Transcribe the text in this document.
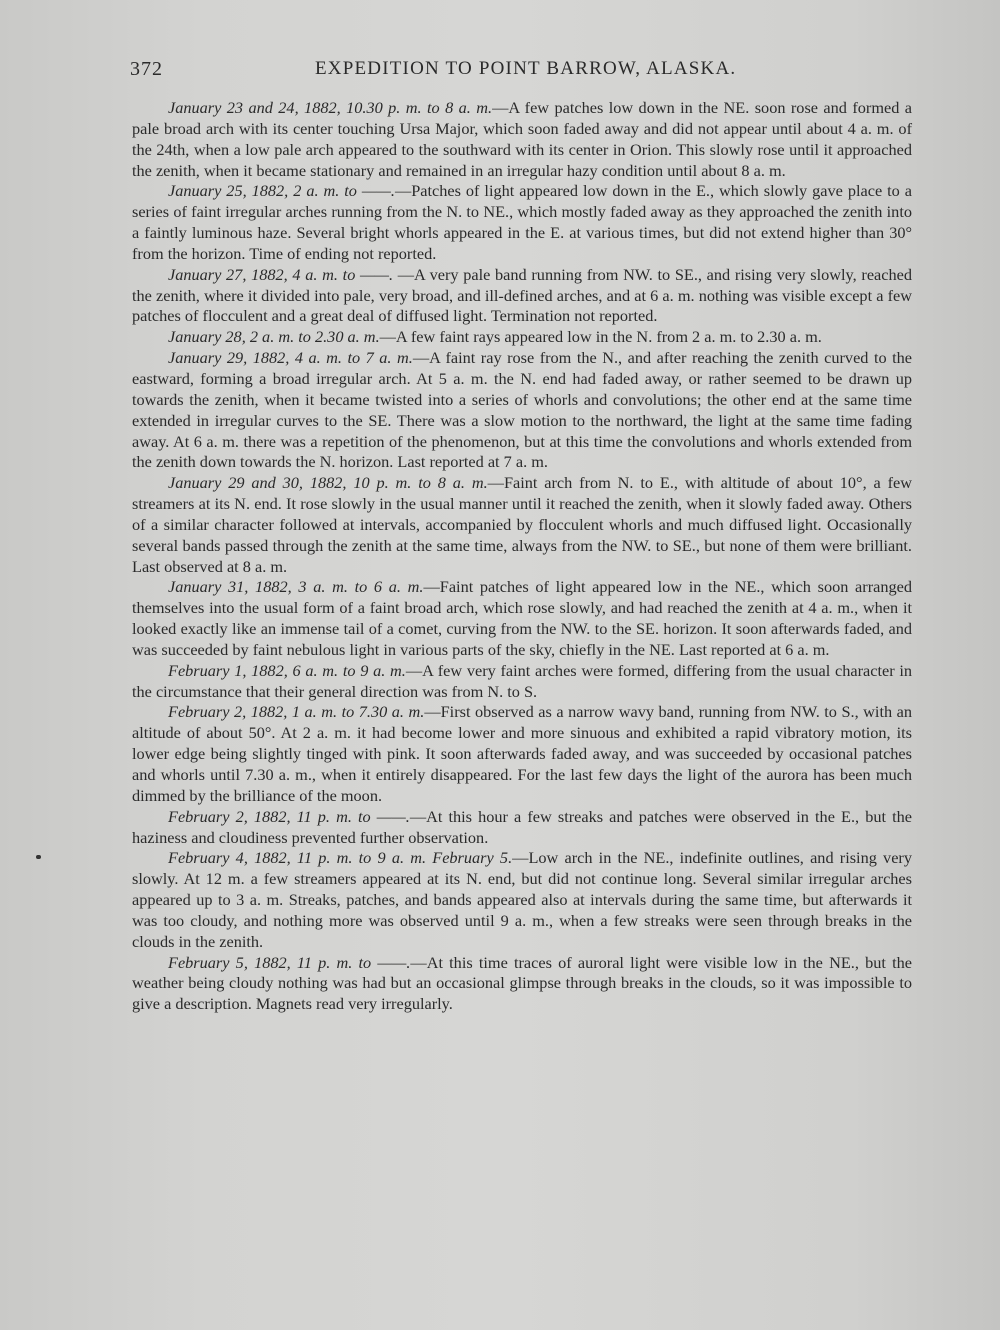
372	EXPEDITION TO POINT BARROW, ALASKA.

January 23 and 24, 1882, 10.30 p. m. to 8 a. m.—A few patches low down in the NE. soon rose and formed a pale broad arch with its center touching Ursa Major, which soon faded away and did not appear until about 4 a. m. of the 24th, when a low pale arch appeared to the southward with its center in Orion. This slowly rose until it approached the zenith, when it became stationary and remained in an irregular hazy condition until about 8 a. m.

January 25, 1882, 2 a. m. to ——.—Patches of light appeared low down in the E., which slowly gave place to a series of faint irregular arches running from the N. to NE., which mostly faded away as they approached the zenith into a faintly luminous haze. Several bright whorls appeared in the E. at various times, but did not extend higher than 30° from the horizon. Time of ending not reported.

January 27, 1882, 4 a. m. to ——. —A very pale band running from NW. to SE., and rising very slowly, reached the zenith, where it divided into pale, very broad, and ill-defined arches, and at 6 a. m. nothing was visible except a few patches of flocculent and a great deal of diffused light. Termination not reported.

January 28, 2 a. m. to 2.30 a. m.—A few faint rays appeared low in the N. from 2 a. m. to 2.30 a. m.

January 29, 1882, 4 a. m. to 7 a. m.—A faint ray rose from the N., and after reaching the zenith curved to the eastward, forming a broad irregular arch. At 5 a. m. the N. end had faded away, or rather seemed to be drawn up towards the zenith, when it became twisted into a series of whorls and convolutions; the other end at the same time extended in irregular curves to the SE. There was a slow motion to the northward, the light at the same time fading away. At 6 a. m. there was a repetition of the phenomenon, but at this time the convolutions and whorls extended from the zenith down towards the N. horizon. Last reported at 7 a. m.

January 29 and 30, 1882, 10 p. m. to 8 a. m.—Faint arch from N. to E., with altitude of about 10°, a few streamers at its N. end. It rose slowly in the usual manner until it reached the zenith, when it slowly faded away. Others of a similar character followed at intervals, accompanied by flocculent whorls and much diffused light. Occasionally several bands passed through the zenith at the same time, always from the NW. to SE., but none of them were brilliant. Last observed at 8 a. m.

January 31, 1882, 3 a. m. to 6 a. m.—Faint patches of light appeared low in the NE., which soon arranged themselves into the usual form of a faint broad arch, which rose slowly, and had reached the zenith at 4 a. m., when it looked exactly like an immense tail of a comet, curving from the NW. to the SE. horizon. It soon afterwards faded, and was succeeded by faint nebulous light in various parts of the sky, chiefly in the NE. Last reported at 6 a. m.

February 1, 1882, 6 a. m. to 9 a. m.—A few very faint arches were formed, differing from the usual character in the circumstance that their general direction was from N. to S.

February 2, 1882, 1 a. m. to 7.30 a. m.—First observed as a narrow wavy band, running from NW. to S., with an altitude of about 50°. At 2 a. m. it had become lower and more sinuous and exhibited a rapid vibratory motion, its lower edge being slightly tinged with pink. It soon afterwards faded away, and was succeeded by occasional patches and whorls until 7.30 a. m., when it entirely disappeared. For the last few days the light of the aurora has been much dimmed by the brilliance of the moon.

February 2, 1882, 11 p. m. to ——.—At this hour a few streaks and patches were observed in the E., but the haziness and cloudiness prevented further observation.

February 4, 1882, 11 p. m. to 9 a. m. February 5.—Low arch in the NE., indefinite outlines, and rising very slowly. At 12 m. a few streamers appeared at its N. end, but did not continue long. Several similar irregular arches appeared up to 3 a. m. Streaks, patches, and bands appeared also at intervals during the same time, but afterwards it was too cloudy, and nothing more was observed until 9 a. m., when a few streaks were seen through breaks in the clouds in the zenith.

February 5, 1882, 11 p. m. to ——.—At this time traces of auroral light were visible low in the NE., but the weather being cloudy nothing was had but an occasional glimpse through breaks in the clouds, so it was impossible to give a description. Magnets read very irregularly.
